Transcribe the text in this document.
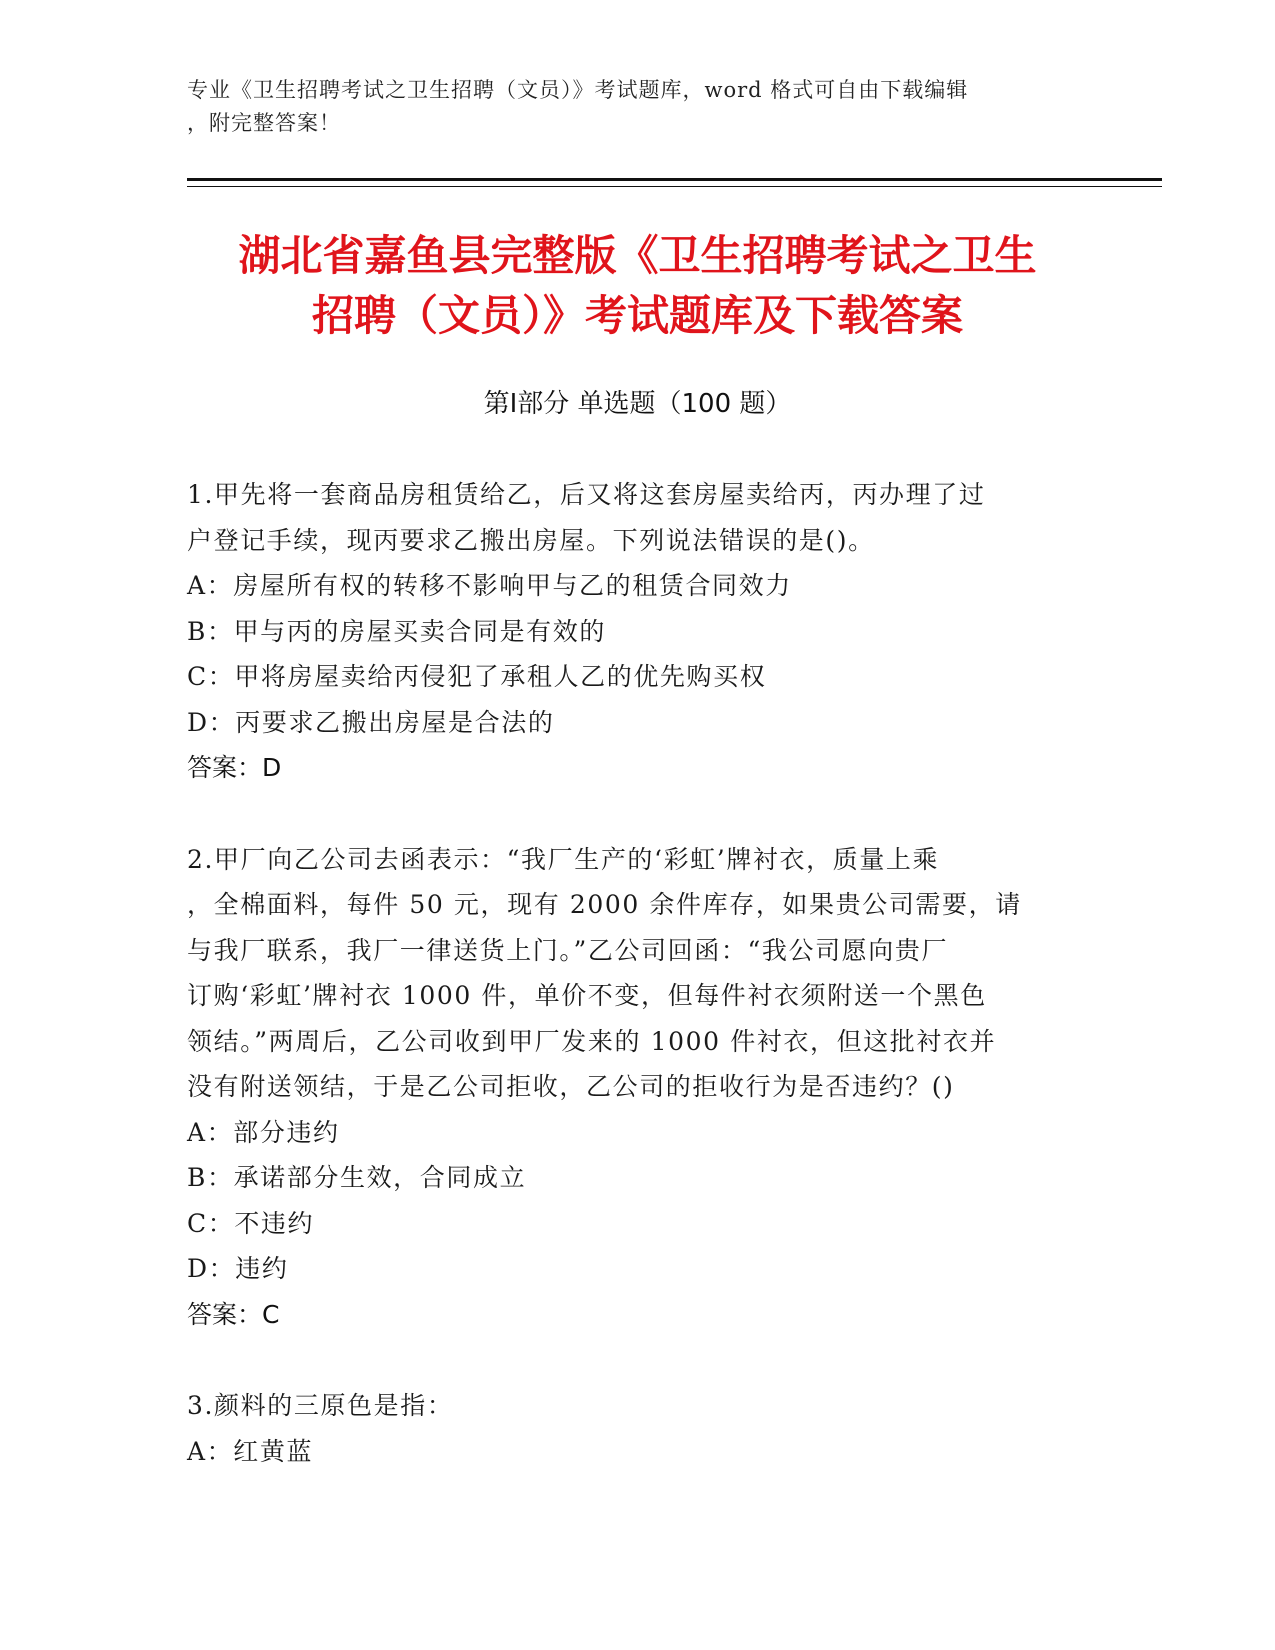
专业《卫生招聘考试之卫生招聘（文员）》考试题库，word 格式可自由下载编辑

，附完整答案！

湖北省嘉鱼县完整版《卫生招聘考试之卫生

招聘（文员）》考试题库及下载答案

第Ⅰ部分 单选题（100 题）

1.甲先将一套商品房租赁给乙，后又将这套房屋卖给丙，丙办理了过

户登记手续，现丙要求乙搬出房屋。下列说法错误的是()。

A：房屋所有权的转移不影响甲与乙的租赁合同效力

B：甲与丙的房屋买卖合同是有效的

C：甲将房屋卖给丙侵犯了承租人乙的优先购买权

D：丙要求乙搬出房屋是合法的

答案：D

2.甲厂向乙公司去函表示：“我厂生产的‘彩虹’牌衬衣，质量上乘

，全棉面料，每件 50 元，现有 2000 余件库存，如果贵公司需要，请

与我厂联系，我厂一律送货上门。”乙公司回函：“我公司愿向贵厂

订购‘彩虹’牌衬衣 1000 件，单价不变，但每件衬衣须附送一个黑色

领结。”两周后，乙公司收到甲厂发来的 1000 件衬衣，但这批衬衣并

没有附送领结，于是乙公司拒收，乙公司的拒收行为是否违约？()

A：部分违约

B：承诺部分生效，合同成立

C：不违约

D：违约

答案：C

3.颜料的三原色是指：

A：红黄蓝
